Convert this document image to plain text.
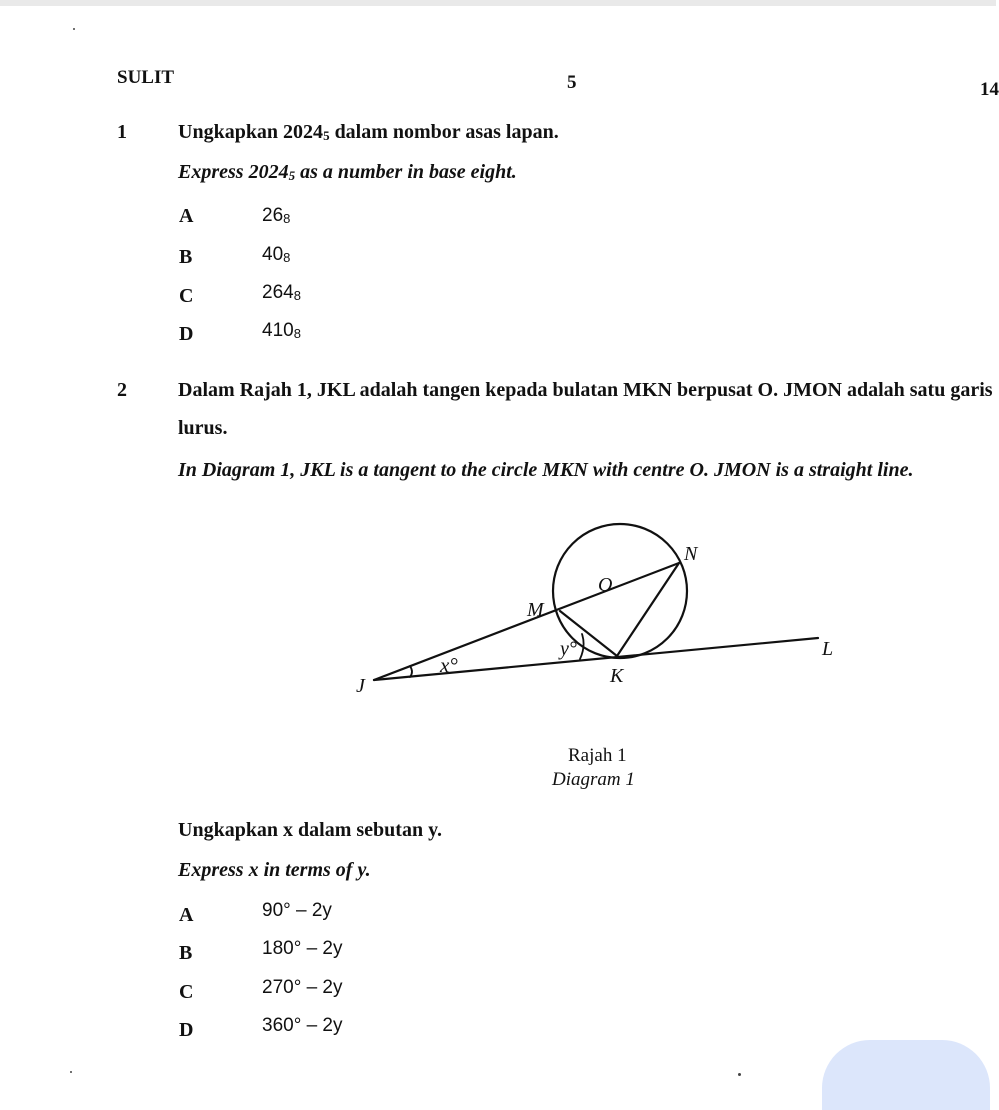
SULIT	5	14
1	Ungkapkan $2024_5$ dalam nombor asas lapan.
Express $2024_5$ as a number in base eight.
A	$26_8$
B	$40_8$
C	$264_8$
D	$410_8$
2	Dalam Rajah 1, JKL adalah tangen kepada bulatan MKN berpusat O. JMON adalah satu garis
lurus.
In Diagram 1, JKL is a tangent to the circle MKN with centre O. JMON is a straight line.
N
O
M
L
K
J
x°
y°
Rajah 1
Diagram 1
Ungkapkan x dalam sebutan y.
Express x in terms of y.
A	90° – 2y
B	180° – 2y
C	270° – 2y
D	360° – 2y
